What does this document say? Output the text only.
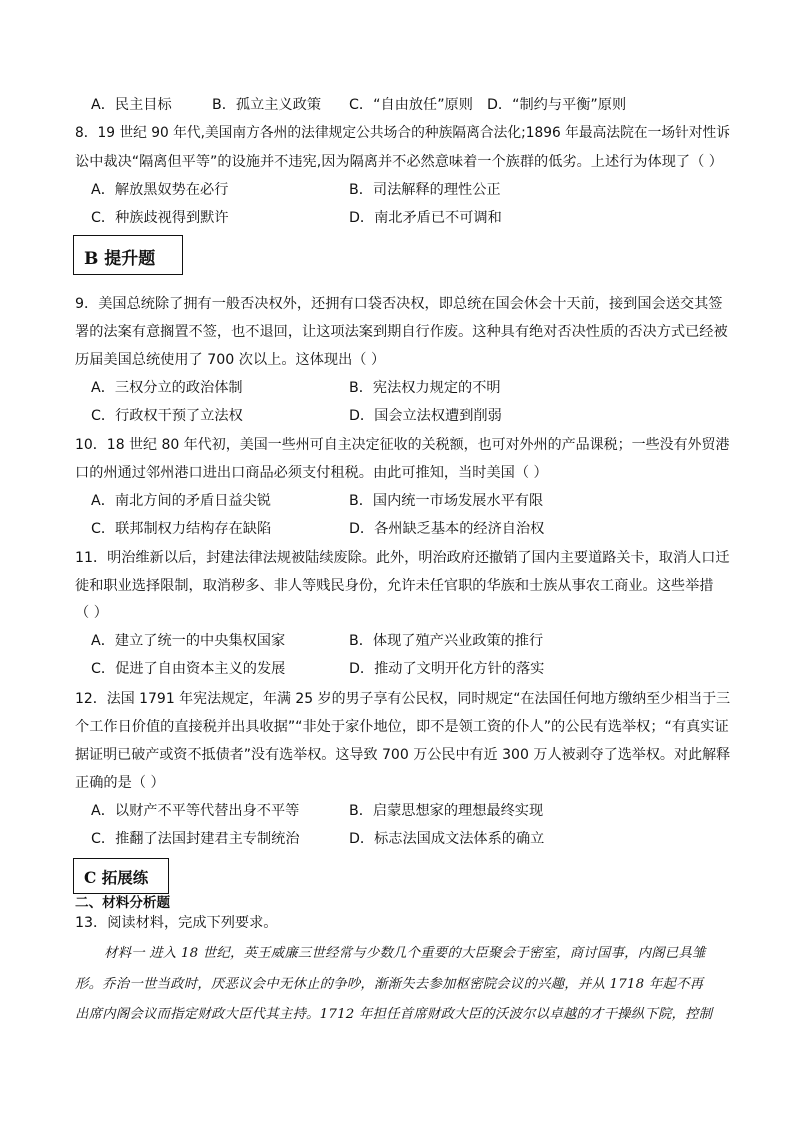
A．民主目标	B．孤立主义政策 C．“自由放任”原则 D．“制约与平衡”原则
8．19 世纪 90 年代,美国南方各州的法律规定公共场合的种族隔离合法化;1896 年最高法院在一场针对性诉
讼中裁决“隔离但平等”的设施并不违宪,因为隔离并不必然意味着一个族群的低劣。上述行为体现了（ ）
A．解放黑奴势在必行	B．司法解释的理性公正
C．种族歧视得到默许	D．南北矛盾已不可调和
B 提升题
9．美国总统除了拥有一般否决权外，还拥有口袋否决权，即总统在国会休会十天前，接到国会送交其签
署的法案有意搁置不签，也不退回，让这项法案到期自行作废。这种具有绝对否决性质的否决方式已经被
历届美国总统使用了 700 次以上。这体现出（ ）
A．三权分立的政治体制	B．宪法权力规定的不明
C．行政权干预了立法权	D．国会立法权遭到削弱
10．18 世纪 80 年代初，美国一些州可自主决定征收的关税额，也可对外州的产品课税；一些没有外贸港
口的州通过邻州港口进出口商品必须支付租税。由此可推知，当时美国（ ）
A．南北方间的矛盾日益尖锐	B．国内统一市场发展水平有限
C．联邦制权力结构存在缺陷	D．各州缺乏基本的经济自治权
11．明治维新以后，封建法律法规被陆续废除。此外，明治政府还撤销了国内主要道路关卡，取消人口迁
徙和职业选择限制，取消秽多、非人等贱民身份，允许未任官职的华族和士族从事农工商业。这些举措
（ ）
A．建立了统一的中央集权国家	B．体现了殖产兴业政策的推行
C．促进了自由资本主义的发展	D．推动了文明开化方针的落实
12．法国 1791 年宪法规定，年满 25 岁的男子享有公民权，同时规定“在法国任何地方缴纳至少相当于三
个工作日价值的直接税并出具收据”“非处于家仆地位，即不是领工资的仆人”的公民有选举权；“有真实证
据证明已破产或资不抵债者”没有选举权。这导致 700 万公民中有近 300 万人被剥夺了选举权。对此解释
正确的是（ ）
A．以财产不平等代替出身不平等	B．启蒙思想家的理想最终实现
C．推翻了法国封建君主专制统治	D．标志法国成文法体系的确立
C 拓展练
二、材料分析题
13．阅读材料，完成下列要求。
材料一 进入 18 世纪，英王威廉三世经常与少数几个重要的大臣聚会于密室，商讨国事，内阁已具雏
形。乔治一世当政时，厌恶议会中无休止的争吵，渐渐失去参加枢密院会议的兴趣，并从 1718 年起不再
出席内阁会议而指定财政大臣代其主持。1712 年担任首席财政大臣的沃波尔以卓越的才干操纵下院，控制
